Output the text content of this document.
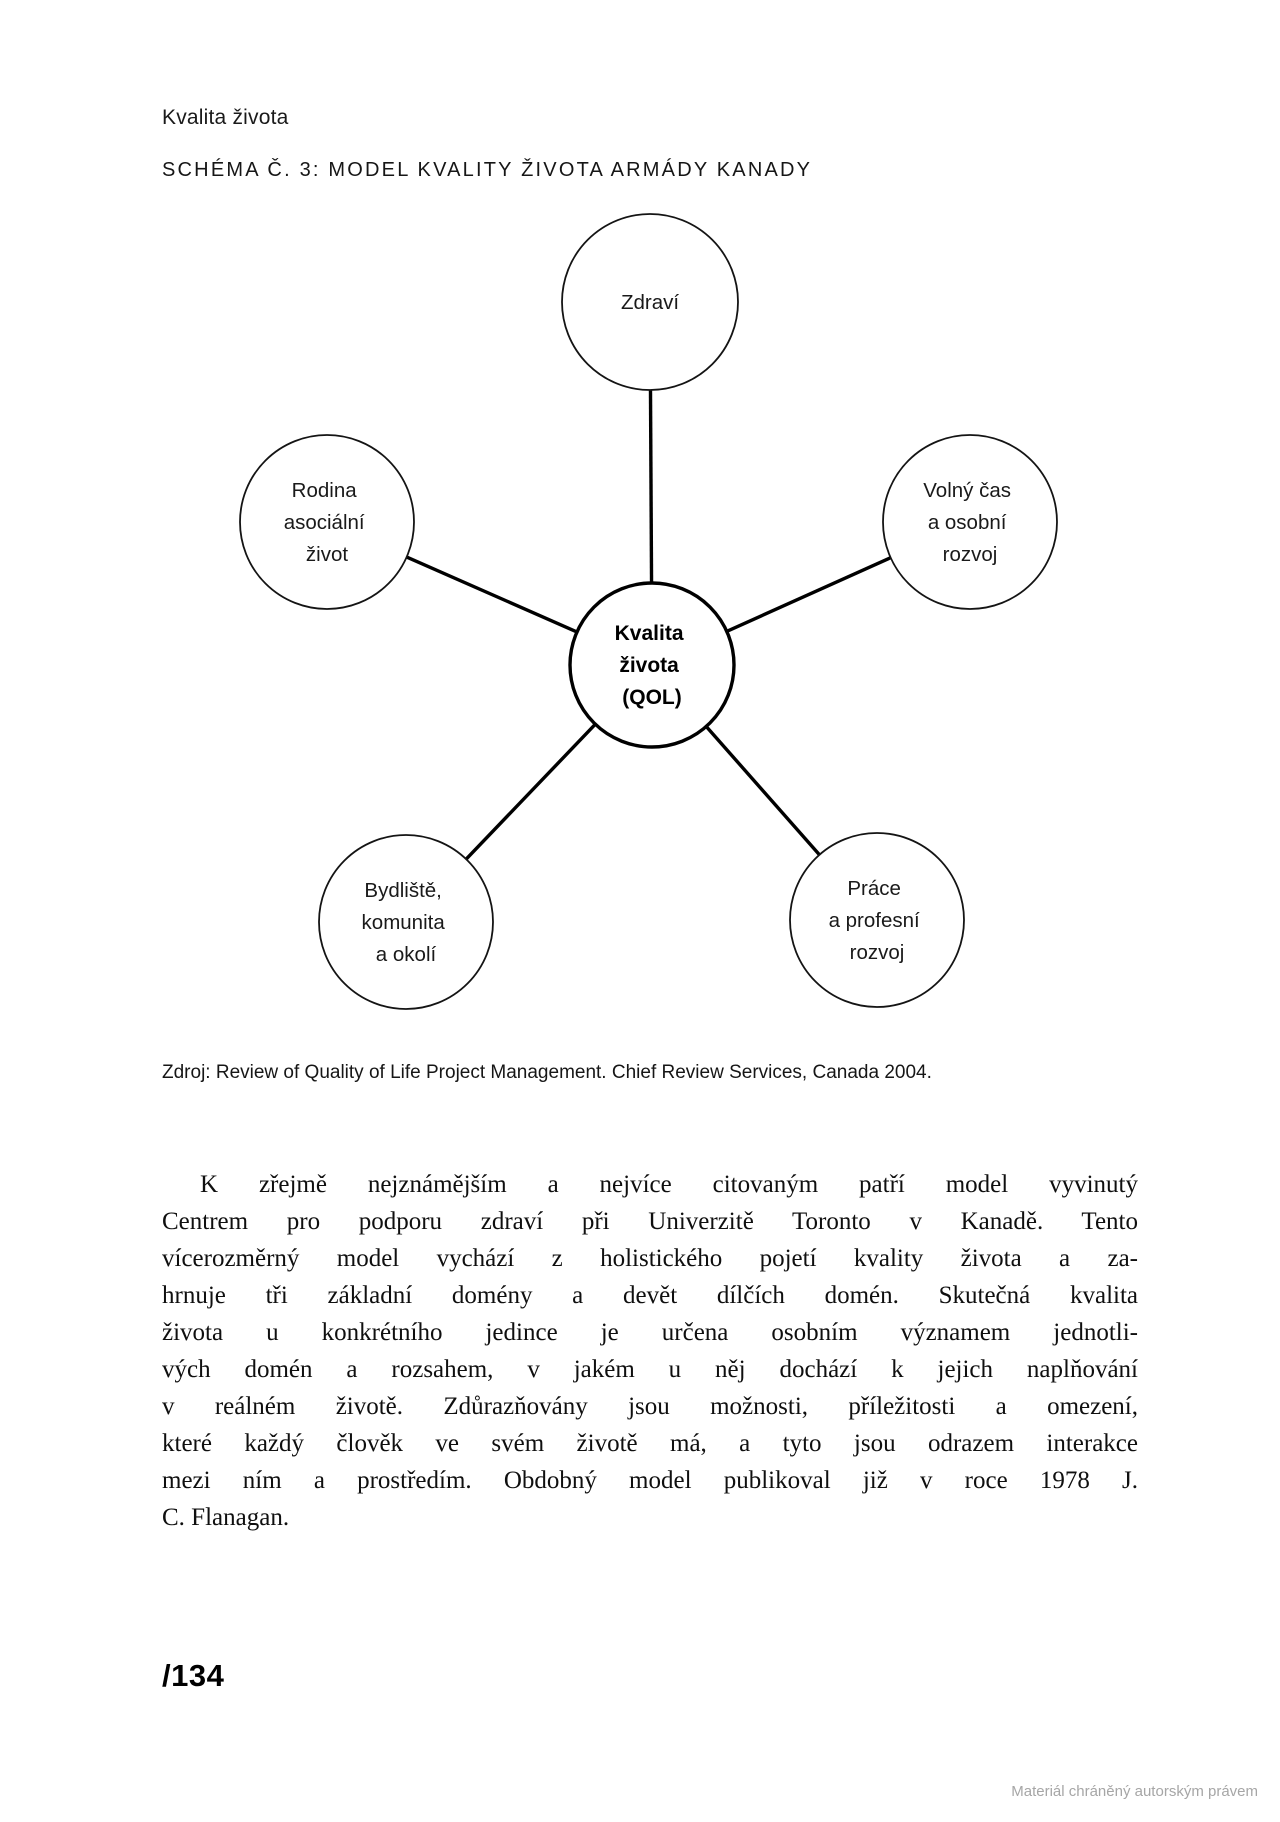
Kvalita života
SCHÉMA Č. 3: MODEL KVALITY ŽIVOTA ARMÁDY KANADY
Zdraví
Rodina asociální život
Volný čas a osobní rozvoj
Bydliště, komunita a okolí
Práce a profesní rozvoj
Kvalita života (QOL)
Zdroj: Review of Quality of Life Project Management. Chief Review Services, Canada 2004.
K zřejmě nejznámějším a nejvíce citovaným patří model vyvinutý
Centrem pro podporu zdraví při Univerzitě Toronto v Kanadě. Tento
vícerozměrný model vychází z holistického pojetí kvality života a za-
hrnuje tři základní domény a devět dílčích domén. Skutečná kvalita
života u konkrétního jedince je určena osobním významem jednotli-
vých domén a rozsahem, v jakém u něj dochází k jejich naplňování
v reálném životě. Zdůrazňovány jsou možnosti, příležitosti a omezení,
které každý člověk ve svém životě má, a tyto jsou odrazem interakce
mezi ním a prostředím. Obdobný model publikoval již v roce 1978 J.
C. Flanagan.
/134
Materiál chráněný autorským právem
